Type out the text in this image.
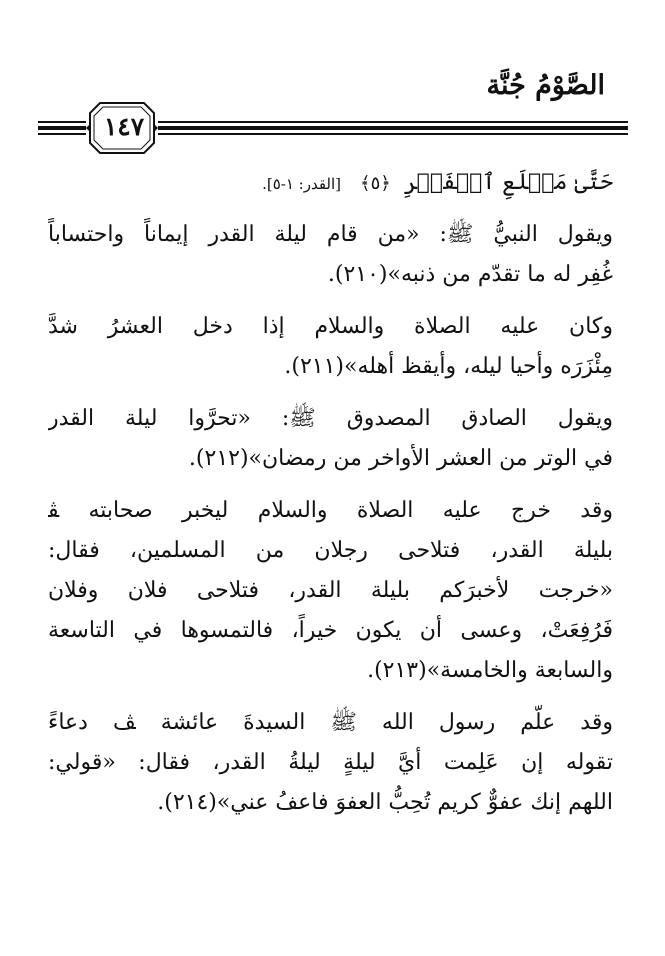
الصَّوْمُ جُنَّة
١٤٧
حَتَّىٰ مَطۡلَعِ ٱلۡفَجۡرِ ﴿٥﴾ [القدر: ١-٥].
ويقول النبيُّ ﷺ: «من قام ليلة القدر إيماناً واحتساباً
غُفِر له ما تقدّم من ذنبه»(٢١٠).
وكان عليه الصلاة والسلام إذا دخل العشرُ شدَّ
مِئْزَرَه وأحيا ليله، وأيقظ أهله»(٢١١).
ويقول الصادق المصدوق ﷺ: «تحرَّوا ليلة القدر
في الوتر من العشر الأواخر من رمضان»(٢١٢).
وقد خرج عليه الصلاة والسلام ليخبر صحابته ﭭ
بليلة القدر، فتلاحى رجلان من المسلمين، فقال:
«خرجت لأخبرَكم بليلة القدر، فتلاحى فلان وفلان
فَرُفِعَتْ، وعسى أن يكون خيراً، فالتمسوها في التاسعة
والسابعة والخامسة»(٢١٣).
وقد علّم رسول الله ﷺ السيدةَ عائشة ﭫ دعاءً
تقوله إن عَلِمت أيَّ ليلةٍ ليلةُ القدر، فقال: «قولي:
اللهم إنك عفوٌّ كريم تُحِبُّ العفوَ فاعفُ عني»(٢١٤).
